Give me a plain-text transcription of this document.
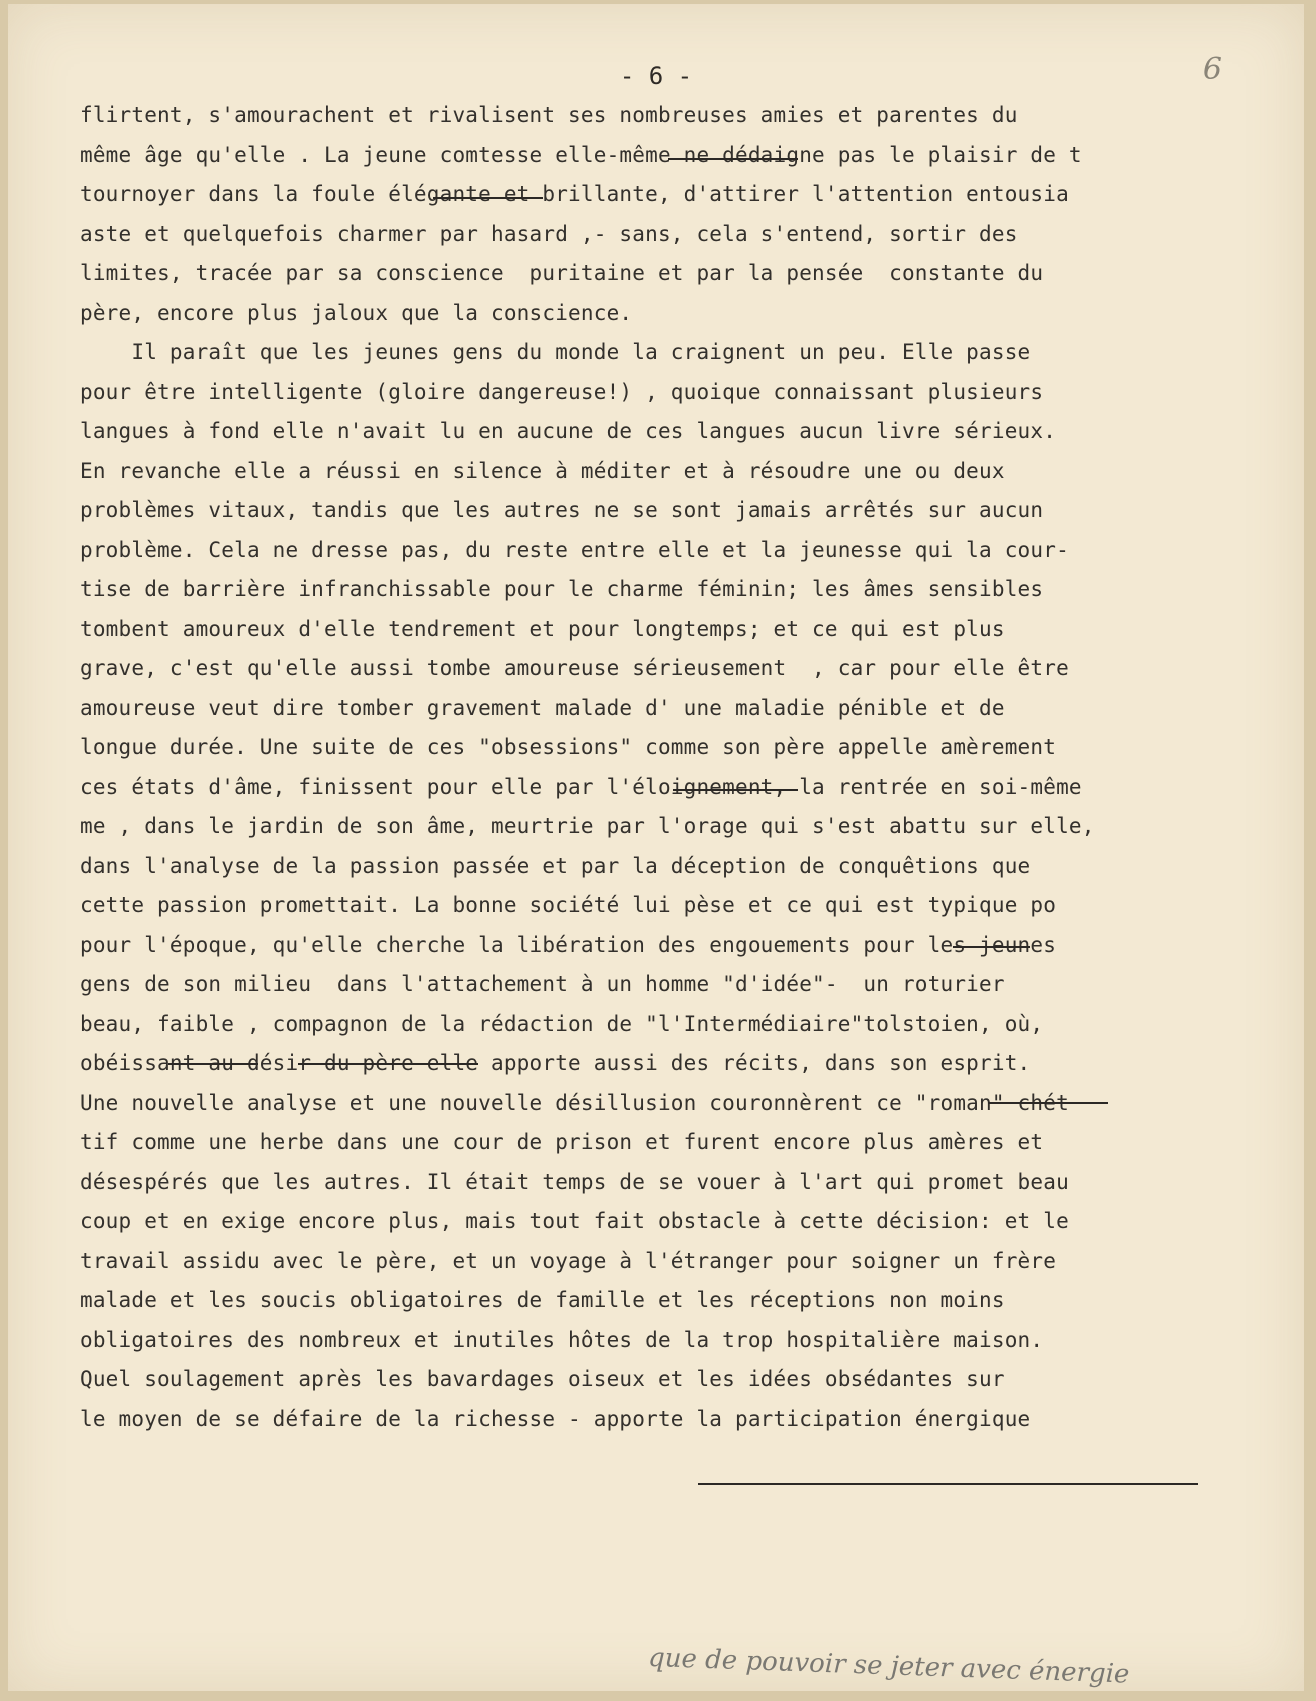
- 6 -	6
flirtent, s'amourachent et rivalisent ses nombreuses amies et parentes du
même âge qu'elle . La jeune comtesse elle-même ne dédaigne pas le plaisir de t
tournoyer dans la foule élégante et brillante, d'attirer l'attention entousia
aste et quelquefois charmer par hasard ,- sans, cela s'entend, sortir des
limites, tracée par sa conscience  puritaine et par la pensée  constante du
père, encore plus jaloux que la conscience.
Il paraît que les jeunes gens du monde la craignent un peu. Elle passe
pour être intelligente (gloire dangereuse!) , quoique connaissant plusieurs
langues à fond elle n'avait lu en aucune de ces langues aucun livre sérieux.
En revanche elle a réussi en silence à méditer et à résoudre une ou deux
problèmes vitaux, tandis que les autres ne se sont jamais arrêtés sur aucun
problème. Cela ne dresse pas, du reste entre elle et la jeunesse qui la cour-
tise de barrière infranchissable pour le charme féminin; les âmes sensibles
tombent amoureux d'elle tendrement et pour longtemps; et ce qui est plus
grave, c'est qu'elle aussi tombe amoureuse sérieusement  , car pour elle être
amoureuse veut dire tomber gravement malade d' une maladie pénible et de
longue durée. Une suite de ces "obsessions" comme son père appelle amèrement
ces états d'âme, finissent pour elle par l'éloignement, la rentrée en soi-même
me , dans le jardin de son âme, meurtrie par l'orage qui s'est abattu sur elle,
dans l'analyse de la passion passée et par la déception de conquêtions que
cette passion promettait. La bonne société lui pèse et ce qui est typique po
pour l'époque, qu'elle cherche la libération des engouements pour les jeunes
gens de son milieu  dans l'attachement à un homme "d'idée"-  un roturier
beau, faible , compagnon de la rédaction de "l'Intermédiaire"tolstoien, où,
obéissant au désir du père elle apporte aussi des récits, dans son esprit.
Une nouvelle analyse et une nouvelle désillusion couronnèrent ce "roman" chét
tif comme une herbe dans une cour de prison et furent encore plus amères et
désespérés que les autres. Il était temps de se vouer à l'art qui promet beau
coup et en exige encore plus, mais tout fait obstacle à cette décision: et le
travail assidu avec le père, et un voyage à l'étranger pour soigner un frère
malade et les soucis obligatoires de famille et les réceptions non moins
obligatoires des nombreux et inutiles hôtes de la trop hospitalière maison.
Quel soulagement après les bavardages oiseux et les idées obsédantes sur
le moyen de se défaire de la richesse - apporte la participation énergique
que de pouvoir se jeter avec énergie
